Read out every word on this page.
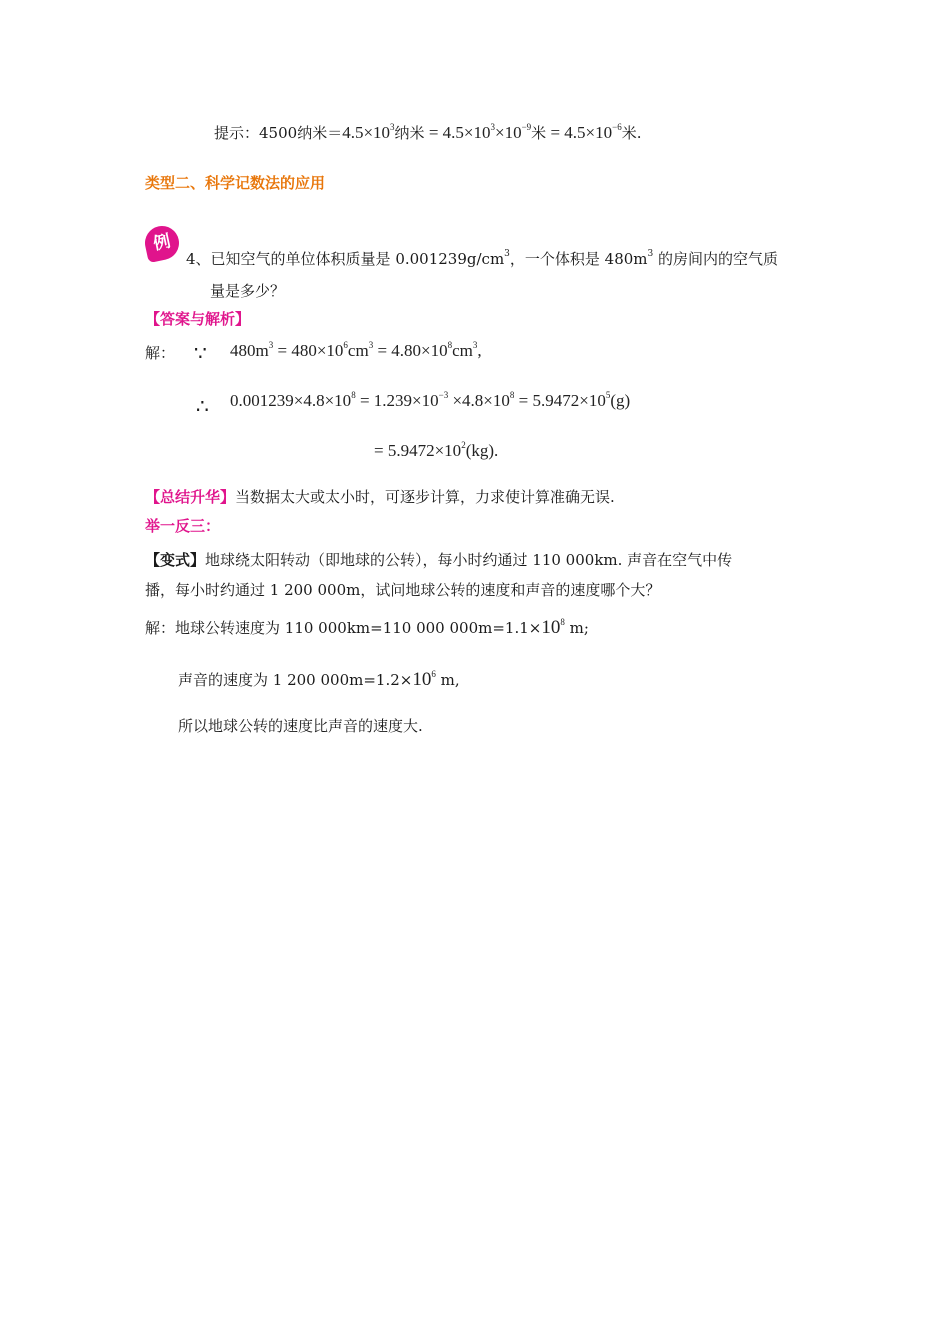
提示：4500纳米$=4.5\times 10^3$纳米 = $4.5\times 10^3\times 10^{-9}$米 = $4.5\times 10^{-6}$米.
类型二、科学记数法的应用
例
4、已知空气的单位体积质量是 $0.001239g/cm^3$，一个体积是 $480m^3$ 的房间内的空气质
量是多少？
【答案与解析】
解： ∵ $480m^3 = 480\times 10^6cm^3 = 4.80\times 10^8cm^3$,
∴ $0.001239\times 4.8\times 10^8 = 1.239\times 10^{-3} \times 4.8\times 10^8 = 5.9472\times 10^5(g)$
= $5.9472\times 10^2(kg)$.
【总结升华】当数据太大或太小时，可逐步计算，力求使计算准确无误.
举一反三：
【变式】地球绕太阳转动（即地球的公转），每小时约通过 110 000km. 声音在空气中传
播，每小时约通过 1 200 000m，试问地球公转的速度和声音的速度哪个大？
解：地球公转速度为 110 000km=110 000 $000m=1.1\times 10^8$ m;
声音的速度为 1 200 $000m=1.2\times 10^6$ m,
所以地球公转的速度比声音的速度大.
